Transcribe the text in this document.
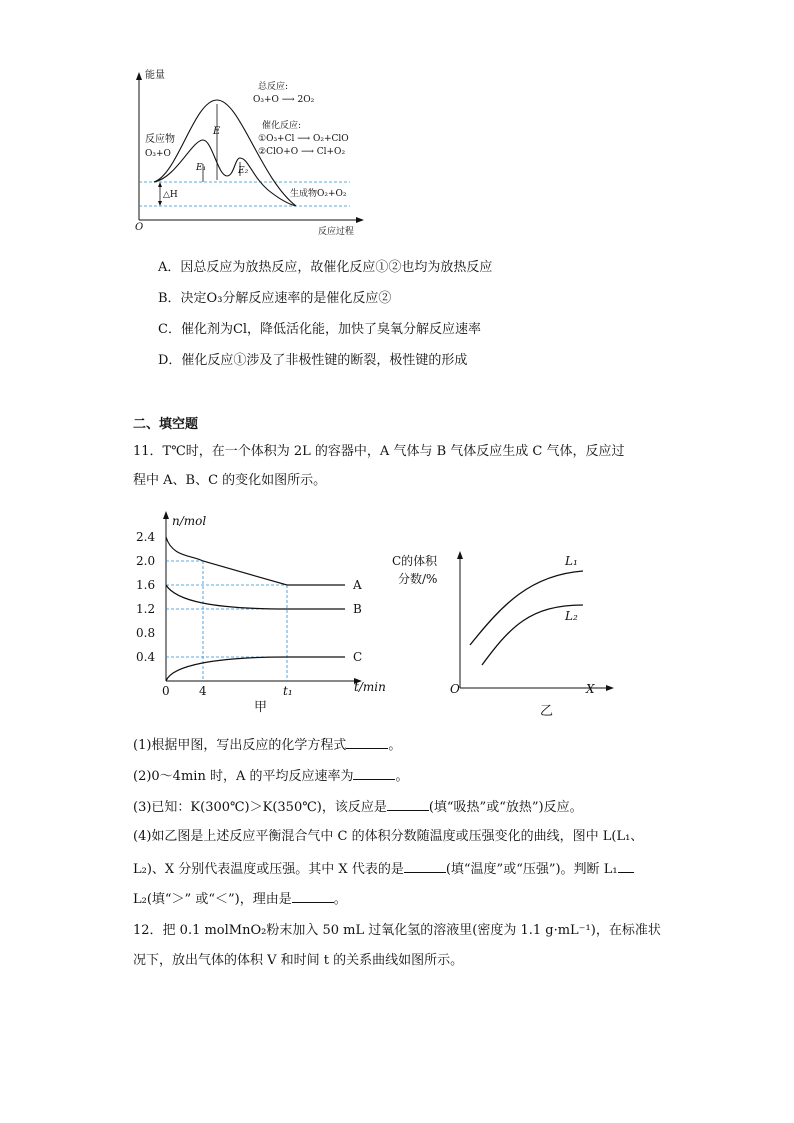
能量
O	反应过程
总反应:
O₃+O ⟶ 2O₂
催化反应:
①O₃+Cl ⟶ O₂+ClO
②ClO+O ⟶ Cl+O₂
反应物
O₃+O
生成物O₂+O₂
E
E₁	E₂
△H
A．因总反应为放热反应，故催化反应①②也均为放热反应
B．决定O₃分解反应速率的是催化反应②
C．催化剂为Cl，降低活化能，加快了臭氧分解反应速率
D．催化反应①涉及了非极性键的断裂，极性键的形成
二、填空题
11．T℃时，在一个体积为 2L 的容器中，A 气体与 B 气体反应生成 C 气体，反应过
程中 A、B、C 的变化如图所示。
n/mol
t/min
甲
2.4
2.0
1.6
1.2
0.8
0.4
0 4	t₁
A
B
C
C的体积分数/%
L₁
L₂
O	X
乙
(1)根据甲图，写出反应的化学方程式	。
(2)0～4min 时，A 的平均反应速率为	。
(3)已知：K(300℃)＞K(350℃)，该反应是	(填“吸热”或“放热”)反应。
(4)如乙图是上述反应平衡混合气中 C 的体积分数随温度或压强变化的曲线，图中 L(L₁、
L₂)、X 分别代表温度或压强。其中 X 代表的是	(填“温度”或“压强”)。判断 L₁
L₂(填“＞” 或“＜”)，理由是	。
12．把 0.1 molMnO₂粉末加入 50 mL 过氧化氢的溶液里(密度为 1.1 g·mL⁻¹)，在标准状
况下，放出气体的体积 V 和时间 t 的关系曲线如图所示。
